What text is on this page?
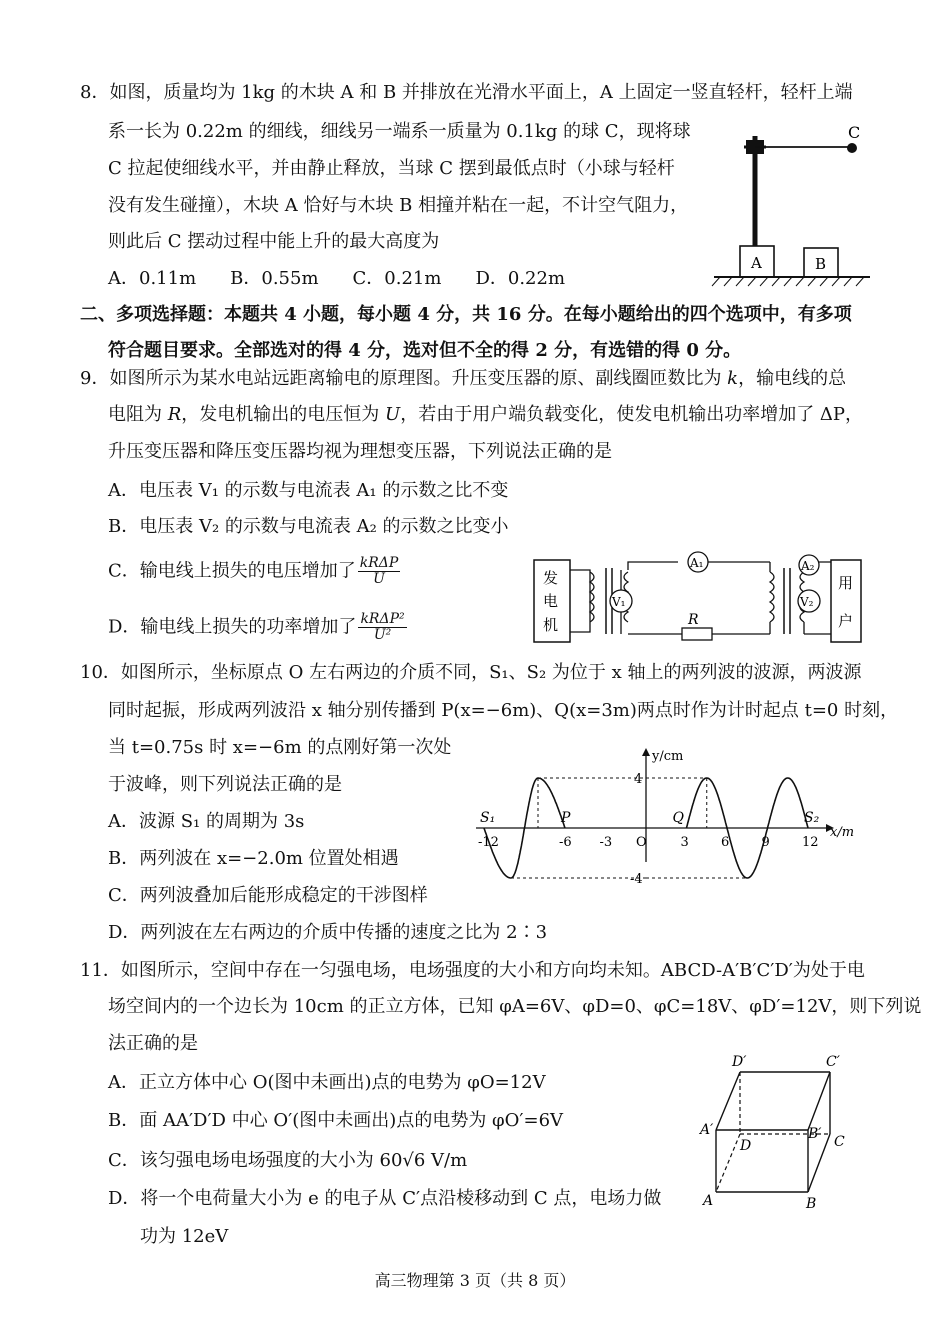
8．如图，质量均为 1kg 的木块 A 和 B 并排放在光滑水平面上，A 上固定一竖直轻杆，轻杆上端
系一长为 0.22m 的细线，细线另一端系一质量为 0.1kg 的球 C，现将球
C 拉起使细线水平，并由静止释放，当球 C 摆到最低点时（小球与轻杆
没有发生碰撞），木块 A 恰好与木块 B 相撞并粘在一起，不计空气阻力，
则此后 C 摆动过程中能上升的最大高度为
A．0.11m B．0.55m C．0.21m D．0.22m
C
A	B
二、多项选择题：本题共 4 小题，每小题 4 分，共 16 分。在每小题给出的四个选项中，有多项
符合题目要求。全部选对的得 4 分，选对但不全的得 2 分，有选错的得 0 分。
9．如图所示为某水电站远距离输电的原理图。升压变压器的原、副线圈匝数比为 k，输电线的总
电阻为 R，发电机输出的电压恒为 U，若由于用户端负载变化，使发电机输出功率增加了 ΔP，
升压变压器和降压变压器均视为理想变压器，下列说法正确的是
A．电压表 V₁ 的示数与电流表 A₁ 的示数之比不变
B．电压表 V₂ 的示数与电流表 A₂ 的示数之比变小
C．输电线上损失的电压增加了 kRΔP
U
D．输电线上损失的功率增加了 kRΔP²
U²
发
电
机
V₁
A₁
R
V₂
A₂
用
户
10．如图所示，坐标原点 O 左右两边的介质不同，S₁、S₂ 为位于 x 轴上的两列波的波源，两波源
同时起振，形成两列波沿 x 轴分别传播到 P(x=−6m)、Q(x=3m)两点时作为计时起点 t=0 时刻，
当 t=0.75s 时 x=−6m 的点刚好第一次处
于波峰，则下列说法正确的是
A．波源 S₁ 的周期为 3s
B．两列波在 x=−2.0m 位置处相遇
C．两列波叠加后能形成稳定的干涉图样
D．两列波在左右两边的介质中传播的速度之比为 2∶3
-12	-6 -3 O	3 6 9 12
4
-4
y/cm
x/m
S₁	P	Q	S₂
11．如图所示，空间中存在一匀强电场，电场强度的大小和方向均未知。ABCD-A′B′C′D′为处于电
场空间内的一个边长为 10cm 的正立方体，已知 φA=6V、φD=0、φC=18V、φD′=12V，则下列说
法正确的是
A．正立方体中心 O(图中未画出)点的电势为 φO=12V
B．面 AA′D′D 中心 O′(图中未画出)点的电势为 φO′=6V
C．该匀强电场电场强度的大小为 60√6 V/m
D．将一个电荷量大小为 e 的电子从 C′点沿棱移动到 C 点，电场力做
功为 12eV
A	B
C
D
A′	B′
C′
D′
高三物理第 3 页（共 8 页）
